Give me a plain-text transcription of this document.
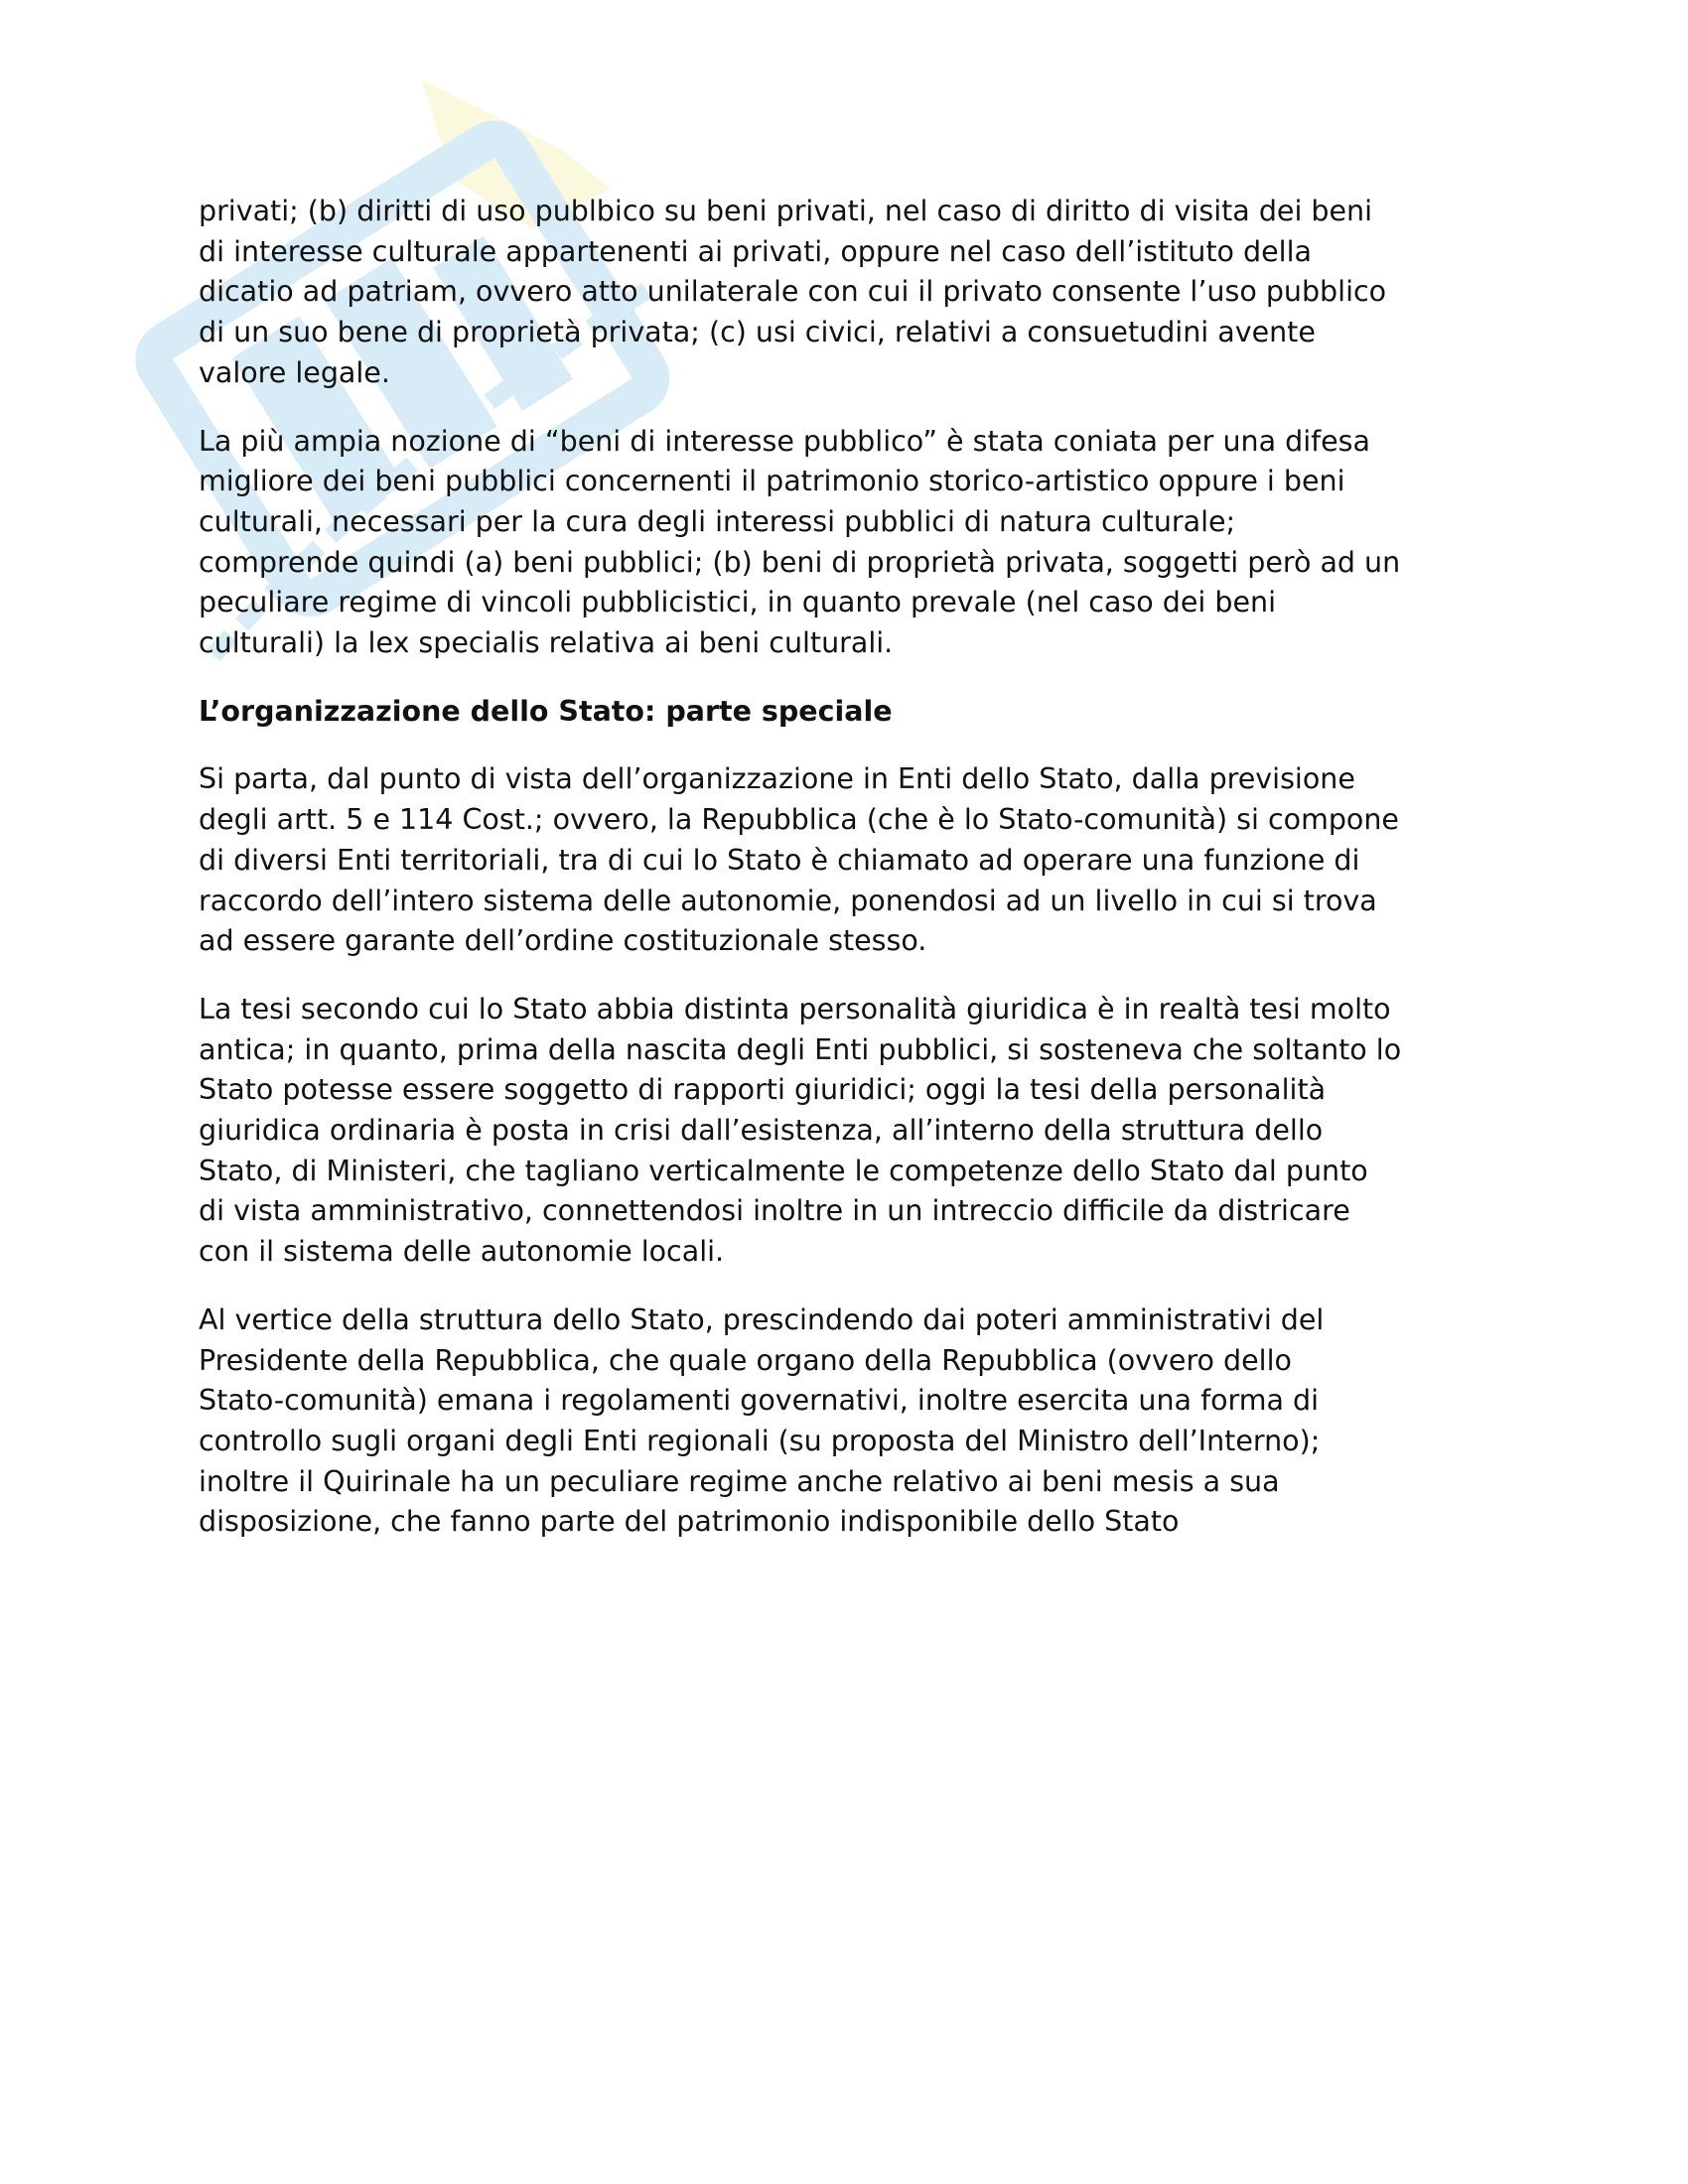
privati; (b) diritti di uso publbico su beni privati, nel caso di diritto di visita dei beni
di interesse culturale appartenenti ai privati, oppure nel caso dell’istituto della
dicatio ad patriam, ovvero atto unilaterale con cui il privato consente l’uso pubblico
di un suo bene di proprietà privata; (c) usi civici, relativi a consuetudini avente
valore legale.

La più ampia nozione di “beni di interesse pubblico” è stata coniata per una difesa
migliore dei beni pubblici concernenti il patrimonio storico-artistico oppure i beni
culturali, necessari per la cura degli interessi pubblici di natura culturale;
comprende quindi (a) beni pubblici; (b) beni di proprietà privata, soggetti però ad un
peculiare regime di vincoli pubblicistici, in quanto prevale (nel caso dei beni
culturali) la lex specialis relativa ai beni culturali.

L’organizzazione dello Stato: parte speciale

Si parta, dal punto di vista dell’organizzazione in Enti dello Stato, dalla previsione
degli artt. 5 e 114 Cost.; ovvero, la Repubblica (che è lo Stato-comunità) si compone
di diversi Enti territoriali, tra di cui lo Stato è chiamato ad operare una funzione di
raccordo dell’intero sistema delle autonomie, ponendosi ad un livello in cui si trova
ad essere garante dell’ordine costituzionale stesso.

La tesi secondo cui lo Stato abbia distinta personalità giuridica è in realtà tesi molto
antica; in quanto, prima della nascita degli Enti pubblici, si sosteneva che soltanto lo
Stato potesse essere soggetto di rapporti giuridici; oggi la tesi della personalità
giuridica ordinaria è posta in crisi dall’esistenza, all’interno della struttura dello
Stato, di Ministeri, che tagliano verticalmente le competenze dello Stato dal punto
di vista amministrativo, connettendosi inoltre in un intreccio difficile da districare
con il sistema delle autonomie locali.

Al vertice della struttura dello Stato, prescindendo dai poteri amministrativi del
Presidente della Repubblica, che quale organo della Repubblica (ovvero dello
Stato-comunità) emana i regolamenti governativi, inoltre esercita una forma di
controllo sugli organi degli Enti regionali (su proposta del Ministro dell’Interno);
inoltre il Quirinale ha un peculiare regime anche relativo ai beni mesis a sua
disposizione, che fanno parte del patrimonio indisponibile dello Stato
